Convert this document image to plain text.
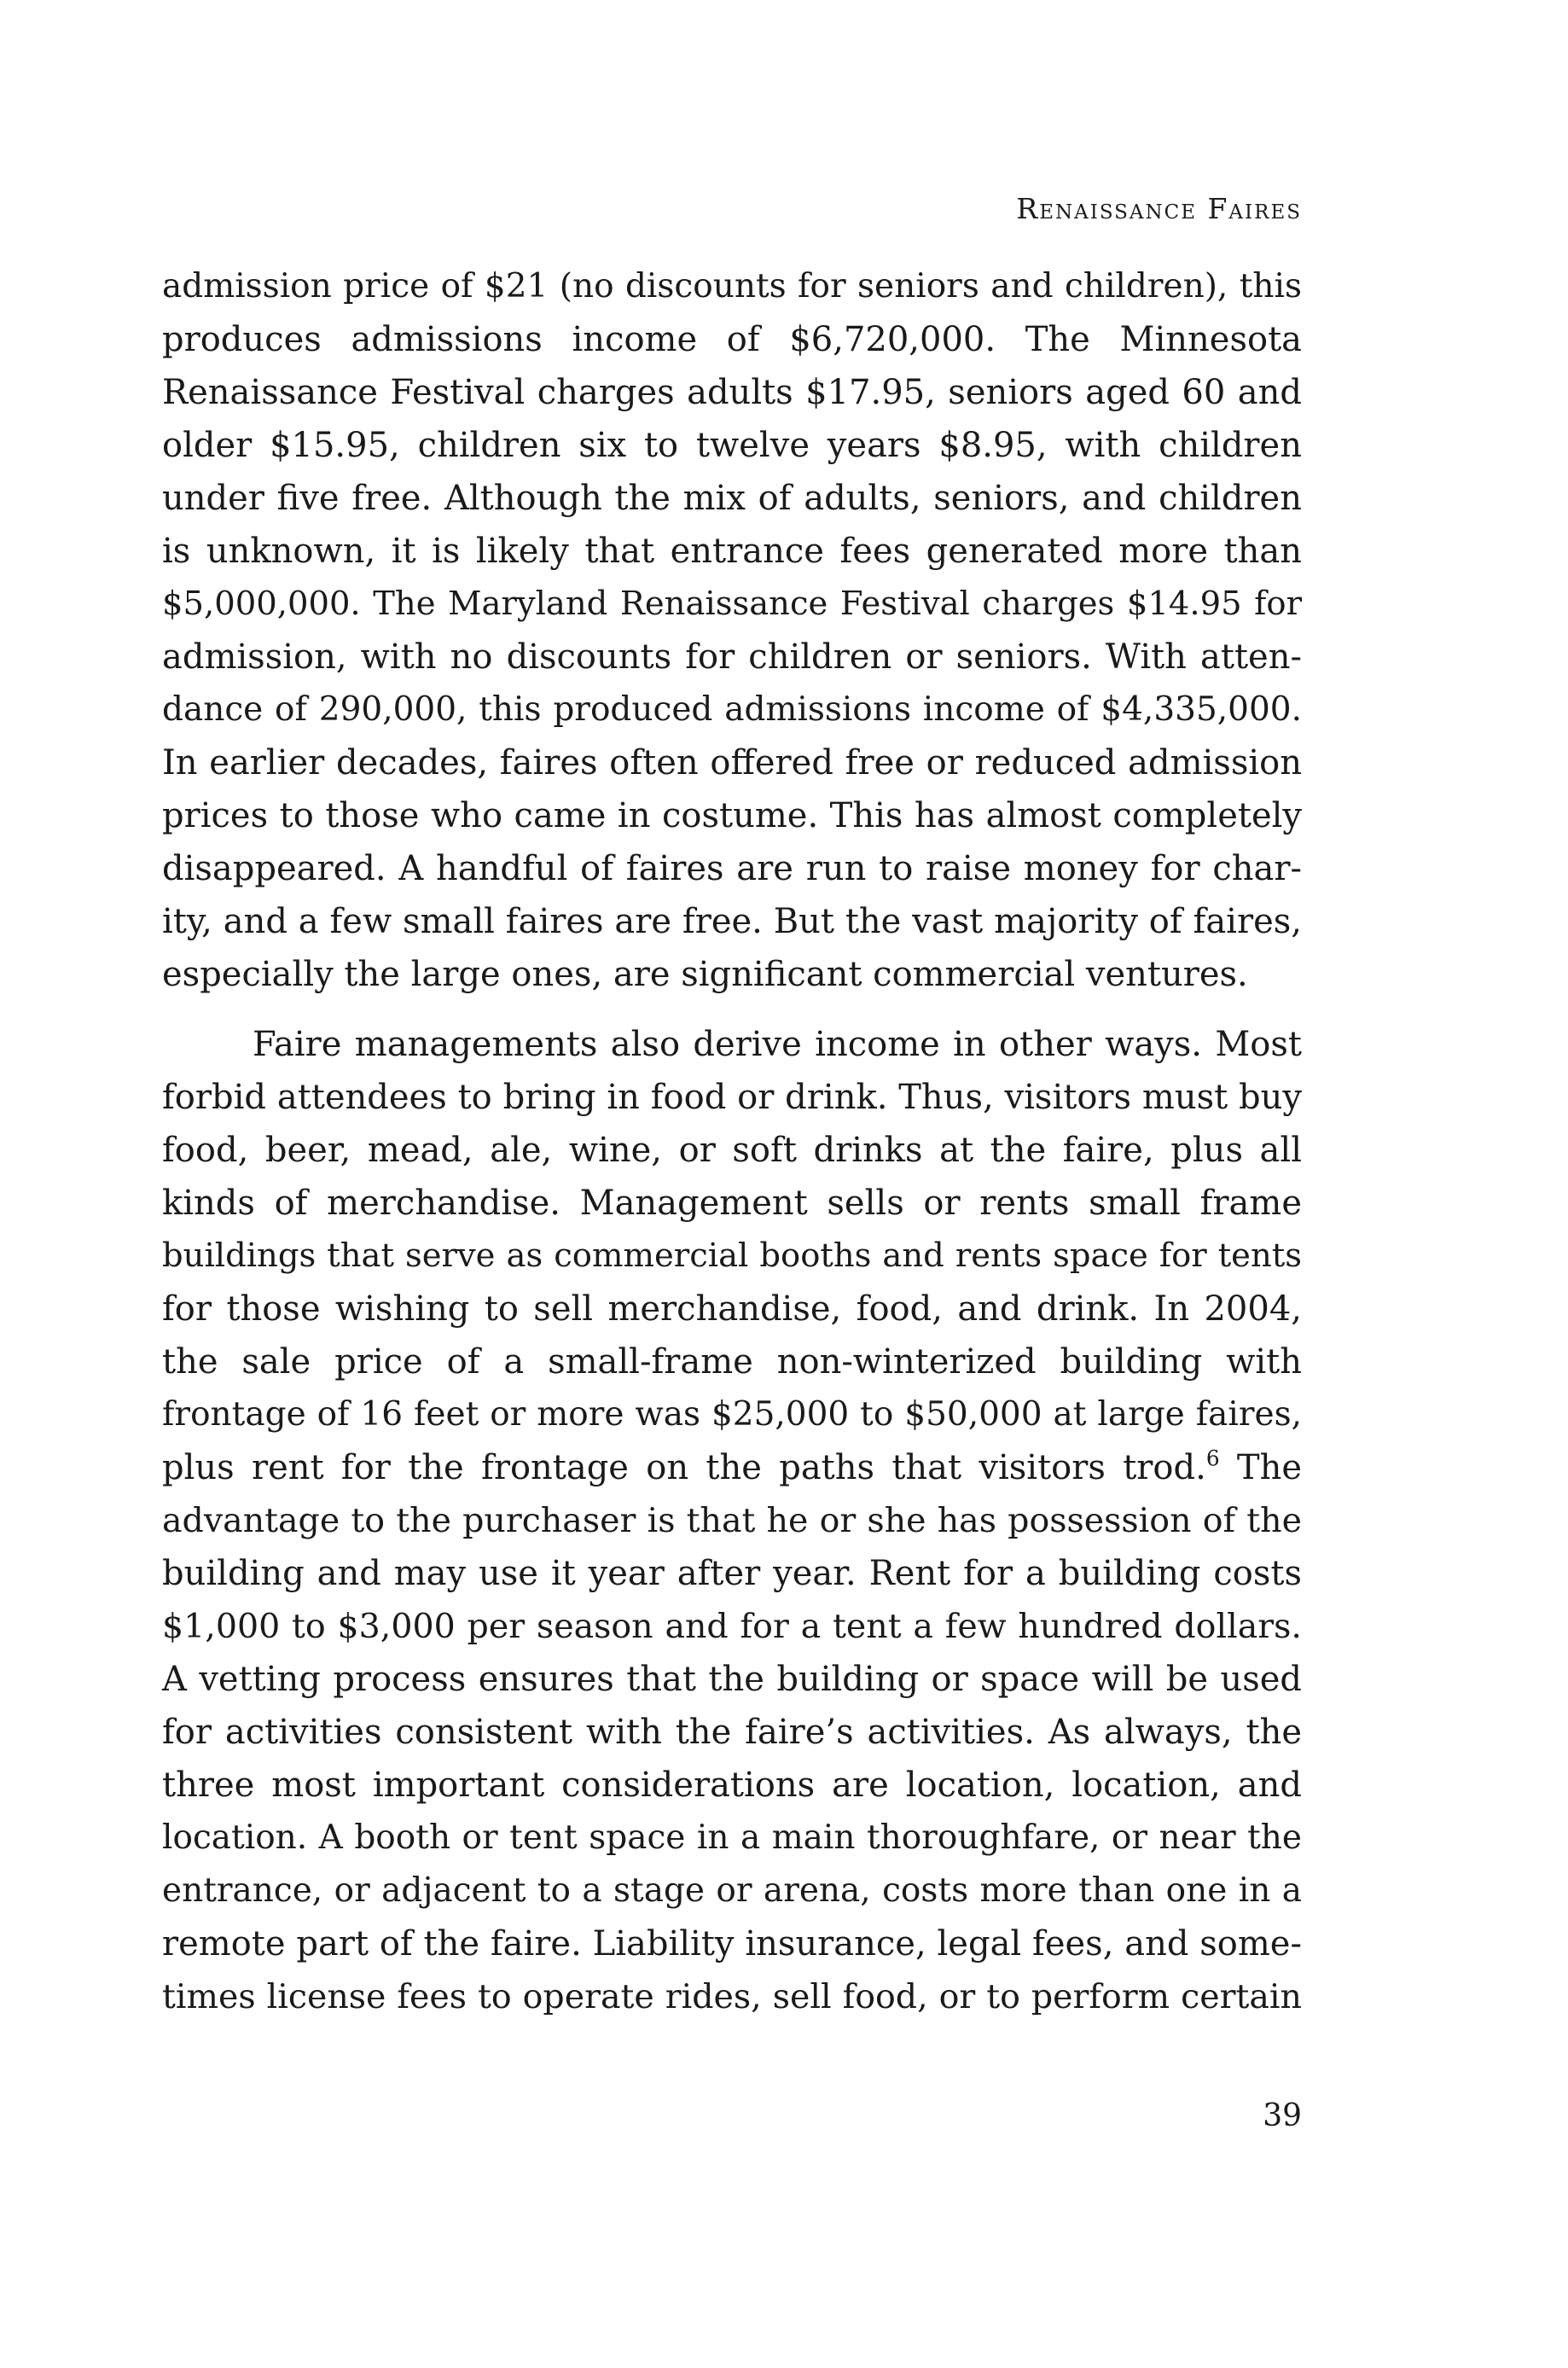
Renaissance Faires
admission price of $21 (no discounts for seniors and children), this
produces admissions income of $6,720,000. The Minnesota
Renaissance Festival charges adults $17.95, seniors aged 60 and
older $15.95, children six to twelve years $8.95, with children
under five free. Although the mix of adults, seniors, and children
is unknown, it is likely that entrance fees generated more than
$5,000,000. The Maryland Renaissance Festival charges $14.95 for
admission, with no discounts for children or seniors. With atten-
dance of 290,000, this produced admissions income of $4,335,000.
In earlier decades, faires often offered free or reduced admission
prices to those who came in costume. This has almost completely
disappeared. A handful of faires are run to raise money for char-
ity, and a few small faires are free. But the vast majority of faires,
especially the large ones, are significant commercial ventures.
Faire managements also derive income in other ways. Most
forbid attendees to bring in food or drink. Thus, visitors must buy
food, beer, mead, ale, wine, or soft drinks at the faire, plus all
kinds of merchandise. Management sells or rents small frame
buildings that serve as commercial booths and rents space for tents
for those wishing to sell merchandise, food, and drink. In 2004,
the sale price of a small-frame non-winterized building with
frontage of 16 feet or more was $25,000 to $50,000 at large faires,
plus rent for the frontage on the paths that visitors trod.$^6$ The
advantage to the purchaser is that he or she has possession of the
building and may use it year after year. Rent for a building costs
$1,000 to $3,000 per season and for a tent a few hundred dollars.
A vetting process ensures that the building or space will be used
for activities consistent with the faire’s activities. As always, the
three most important considerations are location, location, and
location. A booth or tent space in a main thoroughfare, or near the
entrance, or adjacent to a stage or arena, costs more than one in a
remote part of the faire. Liability insurance, legal fees, and some-
times license fees to operate rides, sell food, or to perform certain
39
